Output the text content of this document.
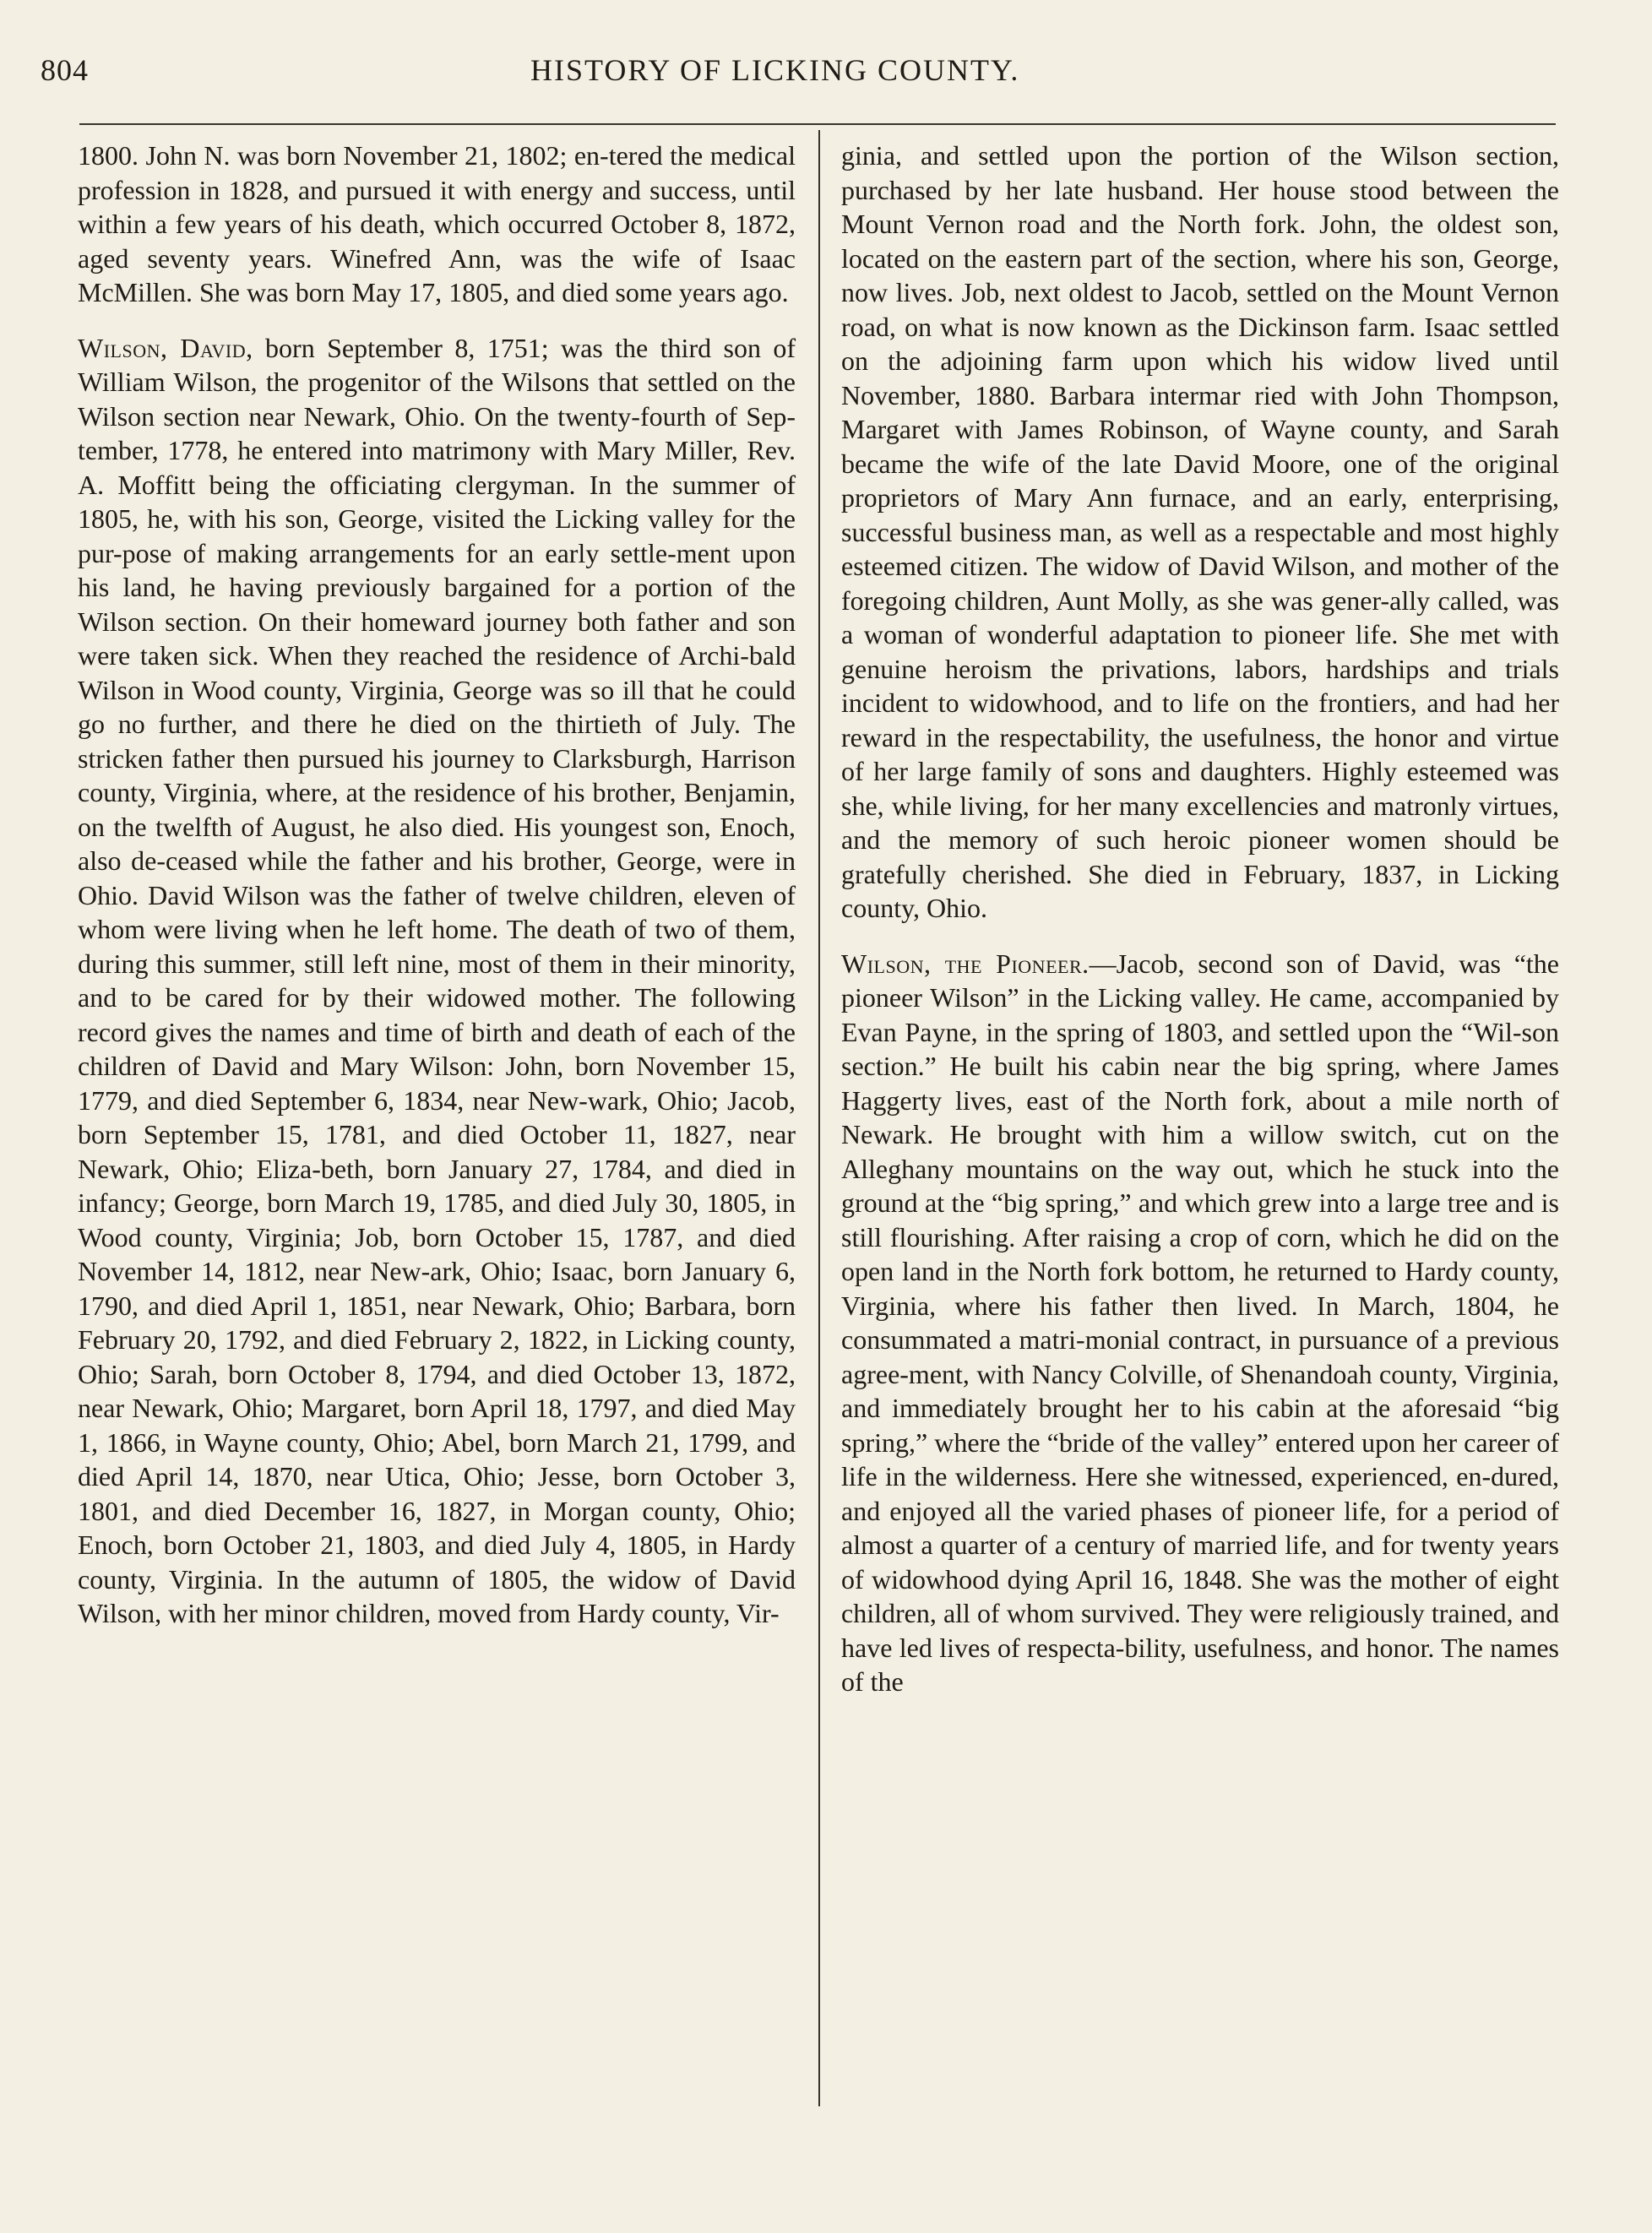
804	HISTORY OF LICKING COUNTY.

1800. John N. was born November 21, 1802; en-tered the medical profession in 1828, and pursued it with energy and success, until within a few years of his death, which occurred October 8, 1872, aged seventy years. Winefred Ann, was the wife of Isaac McMillen. She was born May 17, 1805, and died some years ago.

Wilson, David, born September 8, 1751; was the third son of William Wilson, the progenitor of the Wilsons that settled on the Wilson section near Newark, Ohio. On the twenty-fourth of Sep-tember, 1778, he entered into matrimony with Mary Miller, Rev. A. Moffitt being the officiating clergyman. In the summer of 1805, he, with his son, George, visited the Licking valley for the pur-pose of making arrangements for an early settle-ment upon his land, he having previously bargained for a portion of the Wilson section. On their homeward journey both father and son were taken sick. When they reached the residence of Archi-bald Wilson in Wood county, Virginia, George was so ill that he could go no further, and there he died on the thirtieth of July. The stricken father then pursued his journey to Clarksburgh, Harrison county, Virginia, where, at the residence of his brother, Benjamin, on the twelfth of August, he also died. His youngest son, Enoch, also de-ceased while the father and his brother, George, were in Ohio. David Wilson was the father of twelve children, eleven of whom were living when he left home. The death of two of them, during this summer, still left nine, most of them in their minority, and to be cared for by their widowed mother. The following record gives the names and time of birth and death of each of the children of David and Mary Wilson: John, born November 15, 1779, and died September 6, 1834, near New-wark, Ohio; Jacob, born September 15, 1781, and died October 11, 1827, near Newark, Ohio; Eliza-beth, born January 27, 1784, and died in infancy; George, born March 19, 1785, and died July 30, 1805, in Wood county, Virginia; Job, born October 15, 1787, and died November 14, 1812, near New-ark, Ohio; Isaac, born January 6, 1790, and died April 1, 1851, near Newark, Ohio; Barbara, born February 20, 1792, and died February 2, 1822, in Licking county, Ohio; Sarah, born October 8, 1794, and died October 13, 1872, near Newark, Ohio; Margaret, born April 18, 1797, and died May 1, 1866, in Wayne county, Ohio; Abel, born March 21, 1799, and died April 14, 1870, near Utica, Ohio; Jesse, born October 3, 1801, and died December 16, 1827, in Morgan county, Ohio; Enoch, born October 21, 1803, and died July 4, 1805, in Hardy county, Virginia. In the autumn of 1805, the widow of David Wilson, with her minor children, moved from Hardy county, Vir-

ginia, and settled upon the portion of the Wilson section, purchased by her late husband. Her house stood between the Mount Vernon road and the North fork. John, the oldest son, located on the eastern part of the section, where his son, George, now lives. Job, next oldest to Jacob, settled on the Mount Vernon road, on what is now known as the Dickinson farm. Isaac settled on the adjoining farm upon which his widow lived until November, 1880. Barbara intermar ried with John Thompson, Margaret with James Robinson, of Wayne county, and Sarah became the wife of the late David Moore, one of the original proprietors of Mary Ann furnace, and an early, enterprising, successful business man, as well as a respectable and most highly esteemed citizen. The widow of David Wilson, and mother of the foregoing children, Aunt Molly, as she was gener-ally called, was a woman of wonderful adaptation to pioneer life. She met with genuine heroism the privations, labors, hardships and trials incident to widowhood, and to life on the frontiers, and had her reward in the respectability, the usefulness, the honor and virtue of her large family of sons and daughters. Highly esteemed was she, while living, for her many excellencies and matronly virtues, and the memory of such heroic pioneer women should be gratefully cherished. She died in February, 1837, in Licking county, Ohio.

Wilson, the Pioneer.—Jacob, second son of David, was “the pioneer Wilson” in the Licking valley. He came, accompanied by Evan Payne, in the spring of 1803, and settled upon the “Wil-son section.” He built his cabin near the big spring, where James Haggerty lives, east of the North fork, about a mile north of Newark. He brought with him a willow switch, cut on the Alleghany mountains on the way out, which he stuck into the ground at the “big spring,” and which grew into a large tree and is still flourishing. After raising a crop of corn, which he did on the open land in the North fork bottom, he returned to Hardy county, Virginia, where his father then lived. In March, 1804, he consummated a matri-monial contract, in pursuance of a previous agree-ment, with Nancy Colville, of Shenandoah county, Virginia, and immediately brought her to his cabin at the aforesaid “big spring,” where the “bride of the valley” entered upon her career of life in the wilderness. Here she witnessed, experienced, en-dured, and enjoyed all the varied phases of pioneer life, for a period of almost a quarter of a century of married life, and for twenty years of widowhood dying April 16, 1848. She was the mother of eight children, all of whom survived. They were religiously trained, and have led lives of respecta-bility, usefulness, and honor. The names of the
